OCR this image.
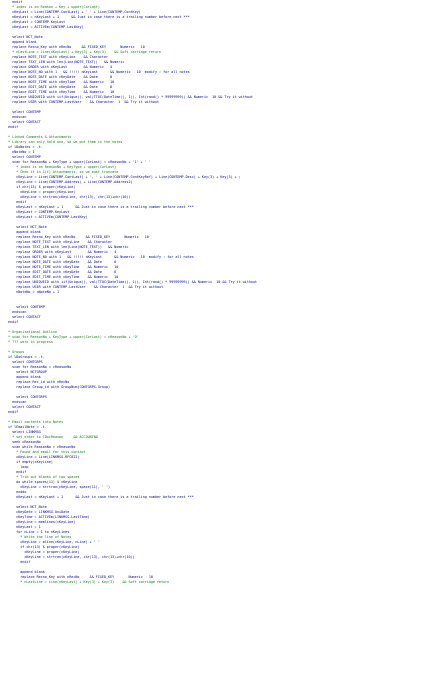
endif
* index is on Reason + Key + upper(CorLast)
cKeyLast = Line(CONTEMP.ContLast) + ' ' + Line(CONTEMP.ContKey)
nKeyLast = nKeyLast + 1      && Just in case there is a trailing number before next ***
cKeyLast = CONTEMP.KeyLast
cKeyLast = ACTIVEm(CONTEMP.LastKey)
select NCT_Note
append blank
replace Recno_Key with nRecNo     && FIXED_KEY       Numeric   10
* nLastLine = Line(nKeyLast) + Key(3) + Key(3)    && Soft carriage return
replace NOTE_TEXT with cKeyLine    && Character
replace TEXT_LEN with len(Line(NOTE_TEXT))   && Numeric
replace ORDER with nKeyLast        && Numeric   4
replace NOTE_NO with 1   && !!!!! nKeyLast      && Numeric   10  modify : for all notes
replace NOTE_DATE with cKeyDate    && Date      8
replace NOTE_TIME with cKeyTime    && Numeric   10
replace EDIT_DATE with cKeyDate    && Date      8
replace EDIT_TIME with cKeyTime    && Numeric   10
replace UNIQUEID with iif(Unique(), val(TTOC(DateTime(), 1)), Int(rand() * 99999999)) && Numeric  10 && Try it without
replace USER with CONTEMP.LastUser    && Character  1  && Try it without
select CONTEMP
endscan
select CONTACT
endif
* Linked Comments & Attachments
* Library can only hold one, so we put them in the notes
if lDoNotes = .t.
nNoteNo = 1
select CONTEMP
scan for ReasonNo + KeyType + upper(CorLast) = cReasonNo + '1' + ' '
* index is on ReasonNo + KeyType + upper(CorLast)
* Chek it in 1(t) Attachments, so we must truncate
cKeyLine = Line(CONTEMP.ContLast) + ', ' + Line(CONTEMP.ContKeyRef) + Line(CONTEMP.Desc) + Key(3) + Key(3) + ;
cKeyLine = Line(CONTEMP.Address) + Line(CONTEMP.Address2)
if chr(13) $ proper(cKeyLine)
cKeyLine = proper(cKeyLine)
cKeyLine = strtran(cKeyLine, chr(13), chr(13)+chr(10))
endif
nKeyLast = nKeyLast + 1      && Just in case there is a trailing number before next ***
cKeyLast = CONTEMP.KeyLast
cKeyLast = ACTIVEm(CONTEMP.LastKey)
select NCT_Note
append blank
replace Recno_Key with nRecNo     && FIXED_KEY       Numeric   10
replace NOTE_TEXT with cKeyLine    && Character
replace TEXT_LEN with len(Line(NOTE_TEXT))   && Numeric
replace ORDER with nKeyLast        && Numeric   4
replace NOTE_NO with 1   && !!!!! nKeyLast      && Numeric   10  modify : for all notes
replace NOTE_DATE with cKeyDate    && Date      8
replace NOTE_TIME with cKeyTime    && Numeric   10
replace EDIT_DATE with cKeyDate    && Date      8
replace EDIT_TIME with cKeyTime    && Numeric   10
replace UNIQUEID with iif(Unique(), val(TTOC(DateTime(), 1)), Int(rand() * 99999999)) && Numeric  10 && Try it without
replace USER with CONTEMP.LastUser    && Character  1  && Try it without
nNoteNo = nNoteNo + 1
select CONTEMP
endscan
select CONTACT
endif
* Organizational Outline
* scan for ReasonNo + KeyType + upper(CorLast) = cReasonNo + 'O'
* ??? work in progress
* Groups
if lDoGroups = .t.
select CONTGRPS
scan for ReasonNo = cReasonNo
select NCTGROUP
append blank
replace Rec_id with nRecNo
replace Group_id with GroupNum(CONTGRPS.Group)
select CONTGRPS
endscan
select CONTACT
endif
* Email contents into Notes
if lEmailNote = .t.
select LINKMSG
* set order to lDocReason     && ACCOUNTNO
seek cReasonNo
scan while ReasonNo = cReasonNo
* Found and email for this contact
cKeyLine = Line(LINKMSG.RFC822)
if empty(cKeyLine)
loop
endif
* Trim out blanks of two spaces
do while spaces(11) $ cKeyLine
cKeyLine = strtran(cKeyLine, space(11), ' ')
enddo
nKeyLast = nKeyLast + 1      && Just in case there is a trailing number before next ***
select NCT_Note
cKeyDate = LINKMSG.UniDate
cKeyTime = ACTIVEm(LINKMSG.LastTime)
cKeyLine = memlines(cKeyLine)
nKeyLast = 1
for nLine = 1 to nKeyLines
* Write the line of Notes
cKeyLine = mline(cKeyLine, nLine) + ' '
if chr(13) $ proper(cKeyLine)
cKeyLine = proper(cKeyLine)
cKeyLine = strtran(cKeyLine, chr(13), chr(13)+chr(10))
endif
append blank
replace Recno_Key with nRecNo     && FIXED_KEY       Numeric   10
* nLastLine = Line(nKeyLast) + Key(3) + Key(3)    && Soft carriage return
